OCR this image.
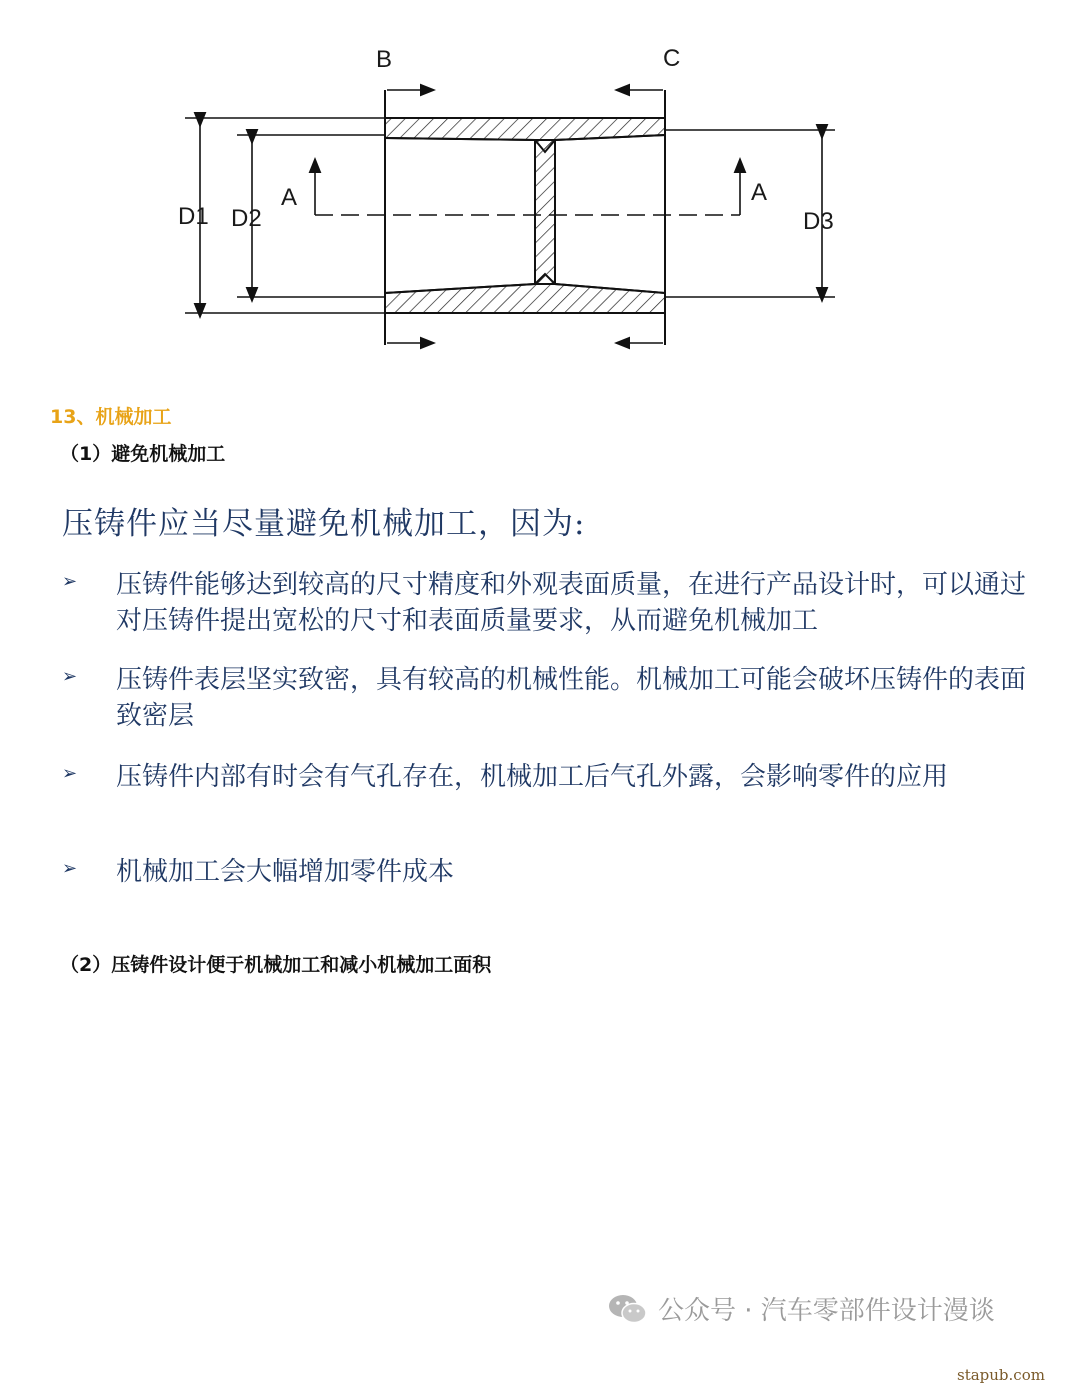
B	C
A	A
D1 D2	D3
13、机械加工
（1）避免机械加工
压铸件应当尽量避免机械加工，因为:
➢ 压铸件能够达到较高的尺寸精度和外观表面质量，在进行产品设计时，可以通过对压铸件提出宽松的尺寸和表面质量要求，从而避免机械加工
➢ 压铸件表层坚实致密，具有较高的机械性能。机械加工可能会破坏压铸件的表面致密层
➢ 压铸件内部有时会有气孔存在，机械加工后气孔外露，会影响零件的应用
➢ 机械加工会大幅增加零件成本
（2）压铸件设计便于机械加工和减小机械加工面积
公众号 · 汽车零部件设计漫谈
stapub.com
